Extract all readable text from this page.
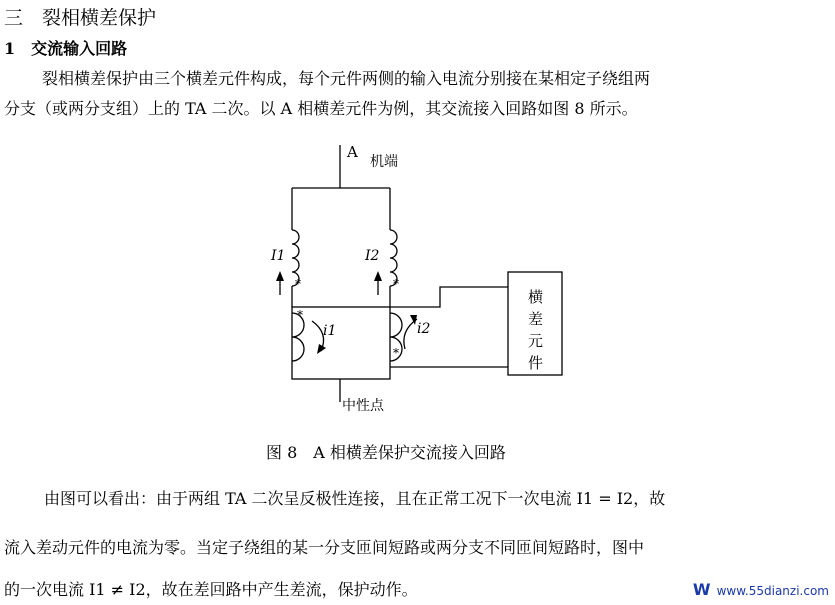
三　裂相横差保护
1　交流输入回路
裂相横差保护由三个横差元件构成，每个元件两侧的输入电流分别接在某相定子绕组两
分支（或两分支组）上的 TA 二次。以 A 相横差元件为例，其交流接入回路如图 8 所示。
*	*
*
*
A
机端
中性点
I1	I2
i1	i2
横
差
元
件
图 8　A 相横差保护交流接入回路
由图可以看出：由于两组 TA 二次呈反极性连接，且在正常工况下一次电流 I1 = I2，故
流入差动元件的电流为零。当定子绕组的某一分支匝间短路或两分支不同匝间短路时，图中
的一次电流 I1 ≠ I2，故在差回路中产生差流，保护动作。	W www.55dianzi.com
